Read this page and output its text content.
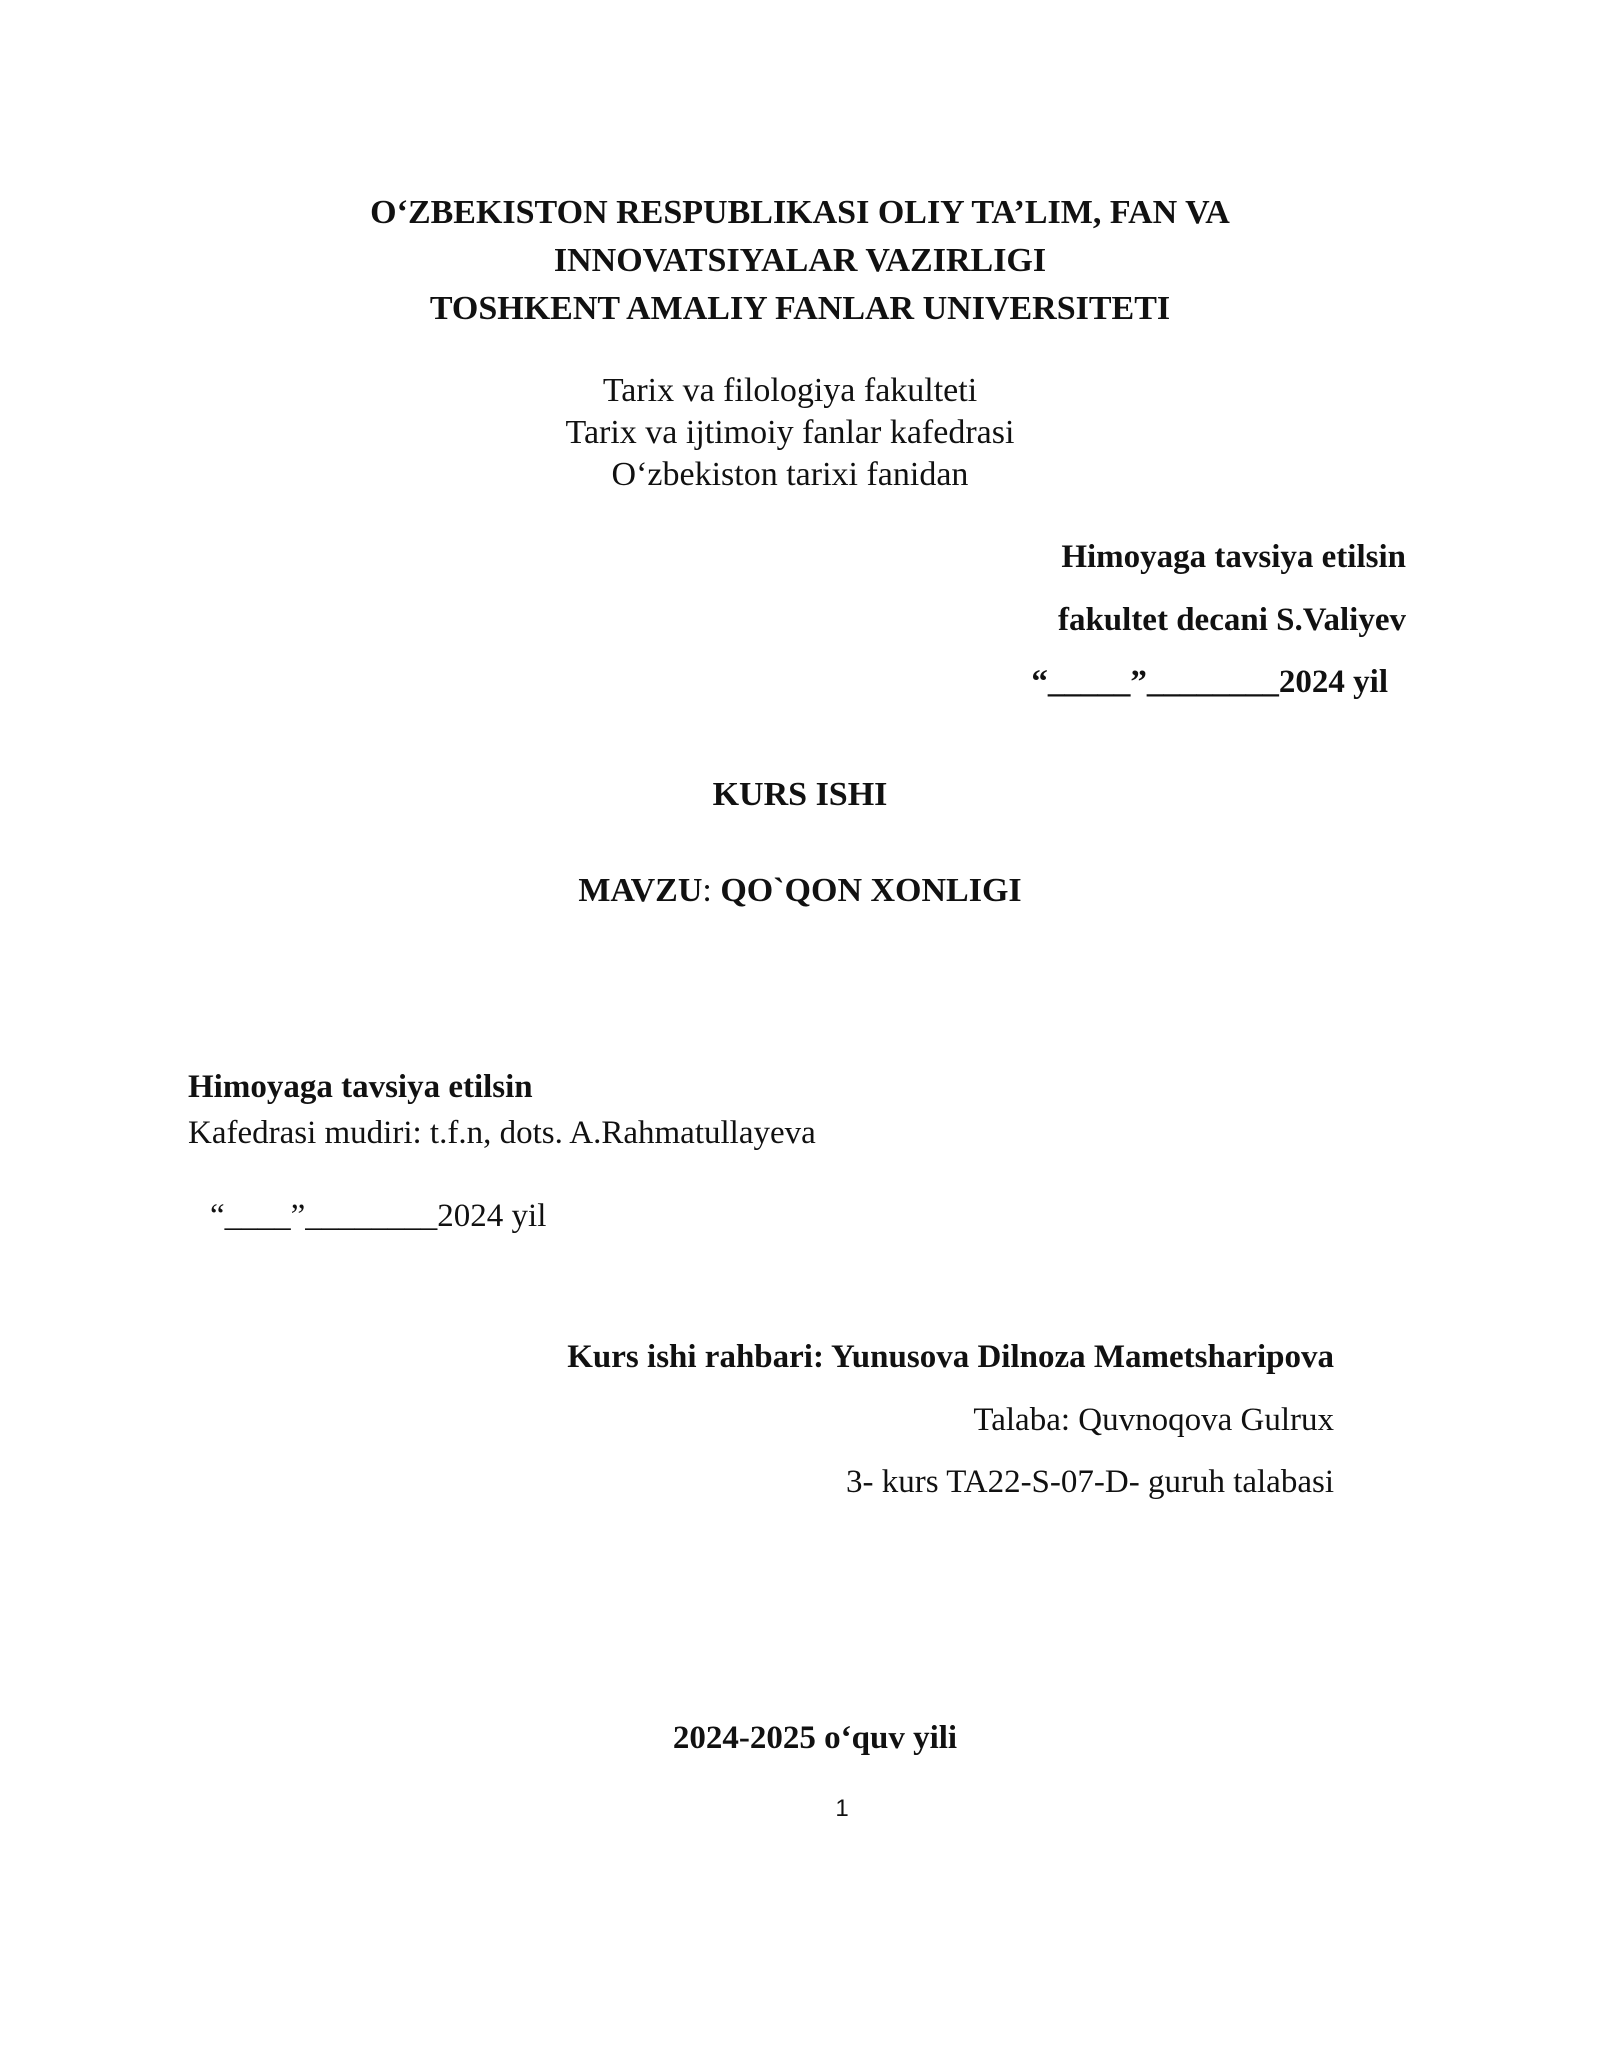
O‘ZBEKISTON RESPUBLIKASI OLIY TA’LIM, FAN VA
INNOVATSIYALAR VAZIRLIGI
TOSHKENT AMALIY FANLAR UNIVERSITETI
Tarix va filologiya fakulteti
Tarix va ijtimoiy fanlar kafedrasi
O‘zbekiston tarixi fanidan
Himoyaga tavsiya etilsin
fakultet decani S.Valiyev
“_____”________2024 yil
KURS ISHI
MAVZU: QO`QON XONLIGI
Himoyaga tavsiya etilsin
Kafedrasi mudiri: t.f.n, dots. A.Rahmatullayeva
“____”________2024 yil
Kurs ishi rahbari: Yunusova Dilnoza Mametsharipova
Talaba: Quvnoqova Gulrux
3- kurs TA22-S-07-D- guruh talabasi
2024-2025 o‘quv yili
1
